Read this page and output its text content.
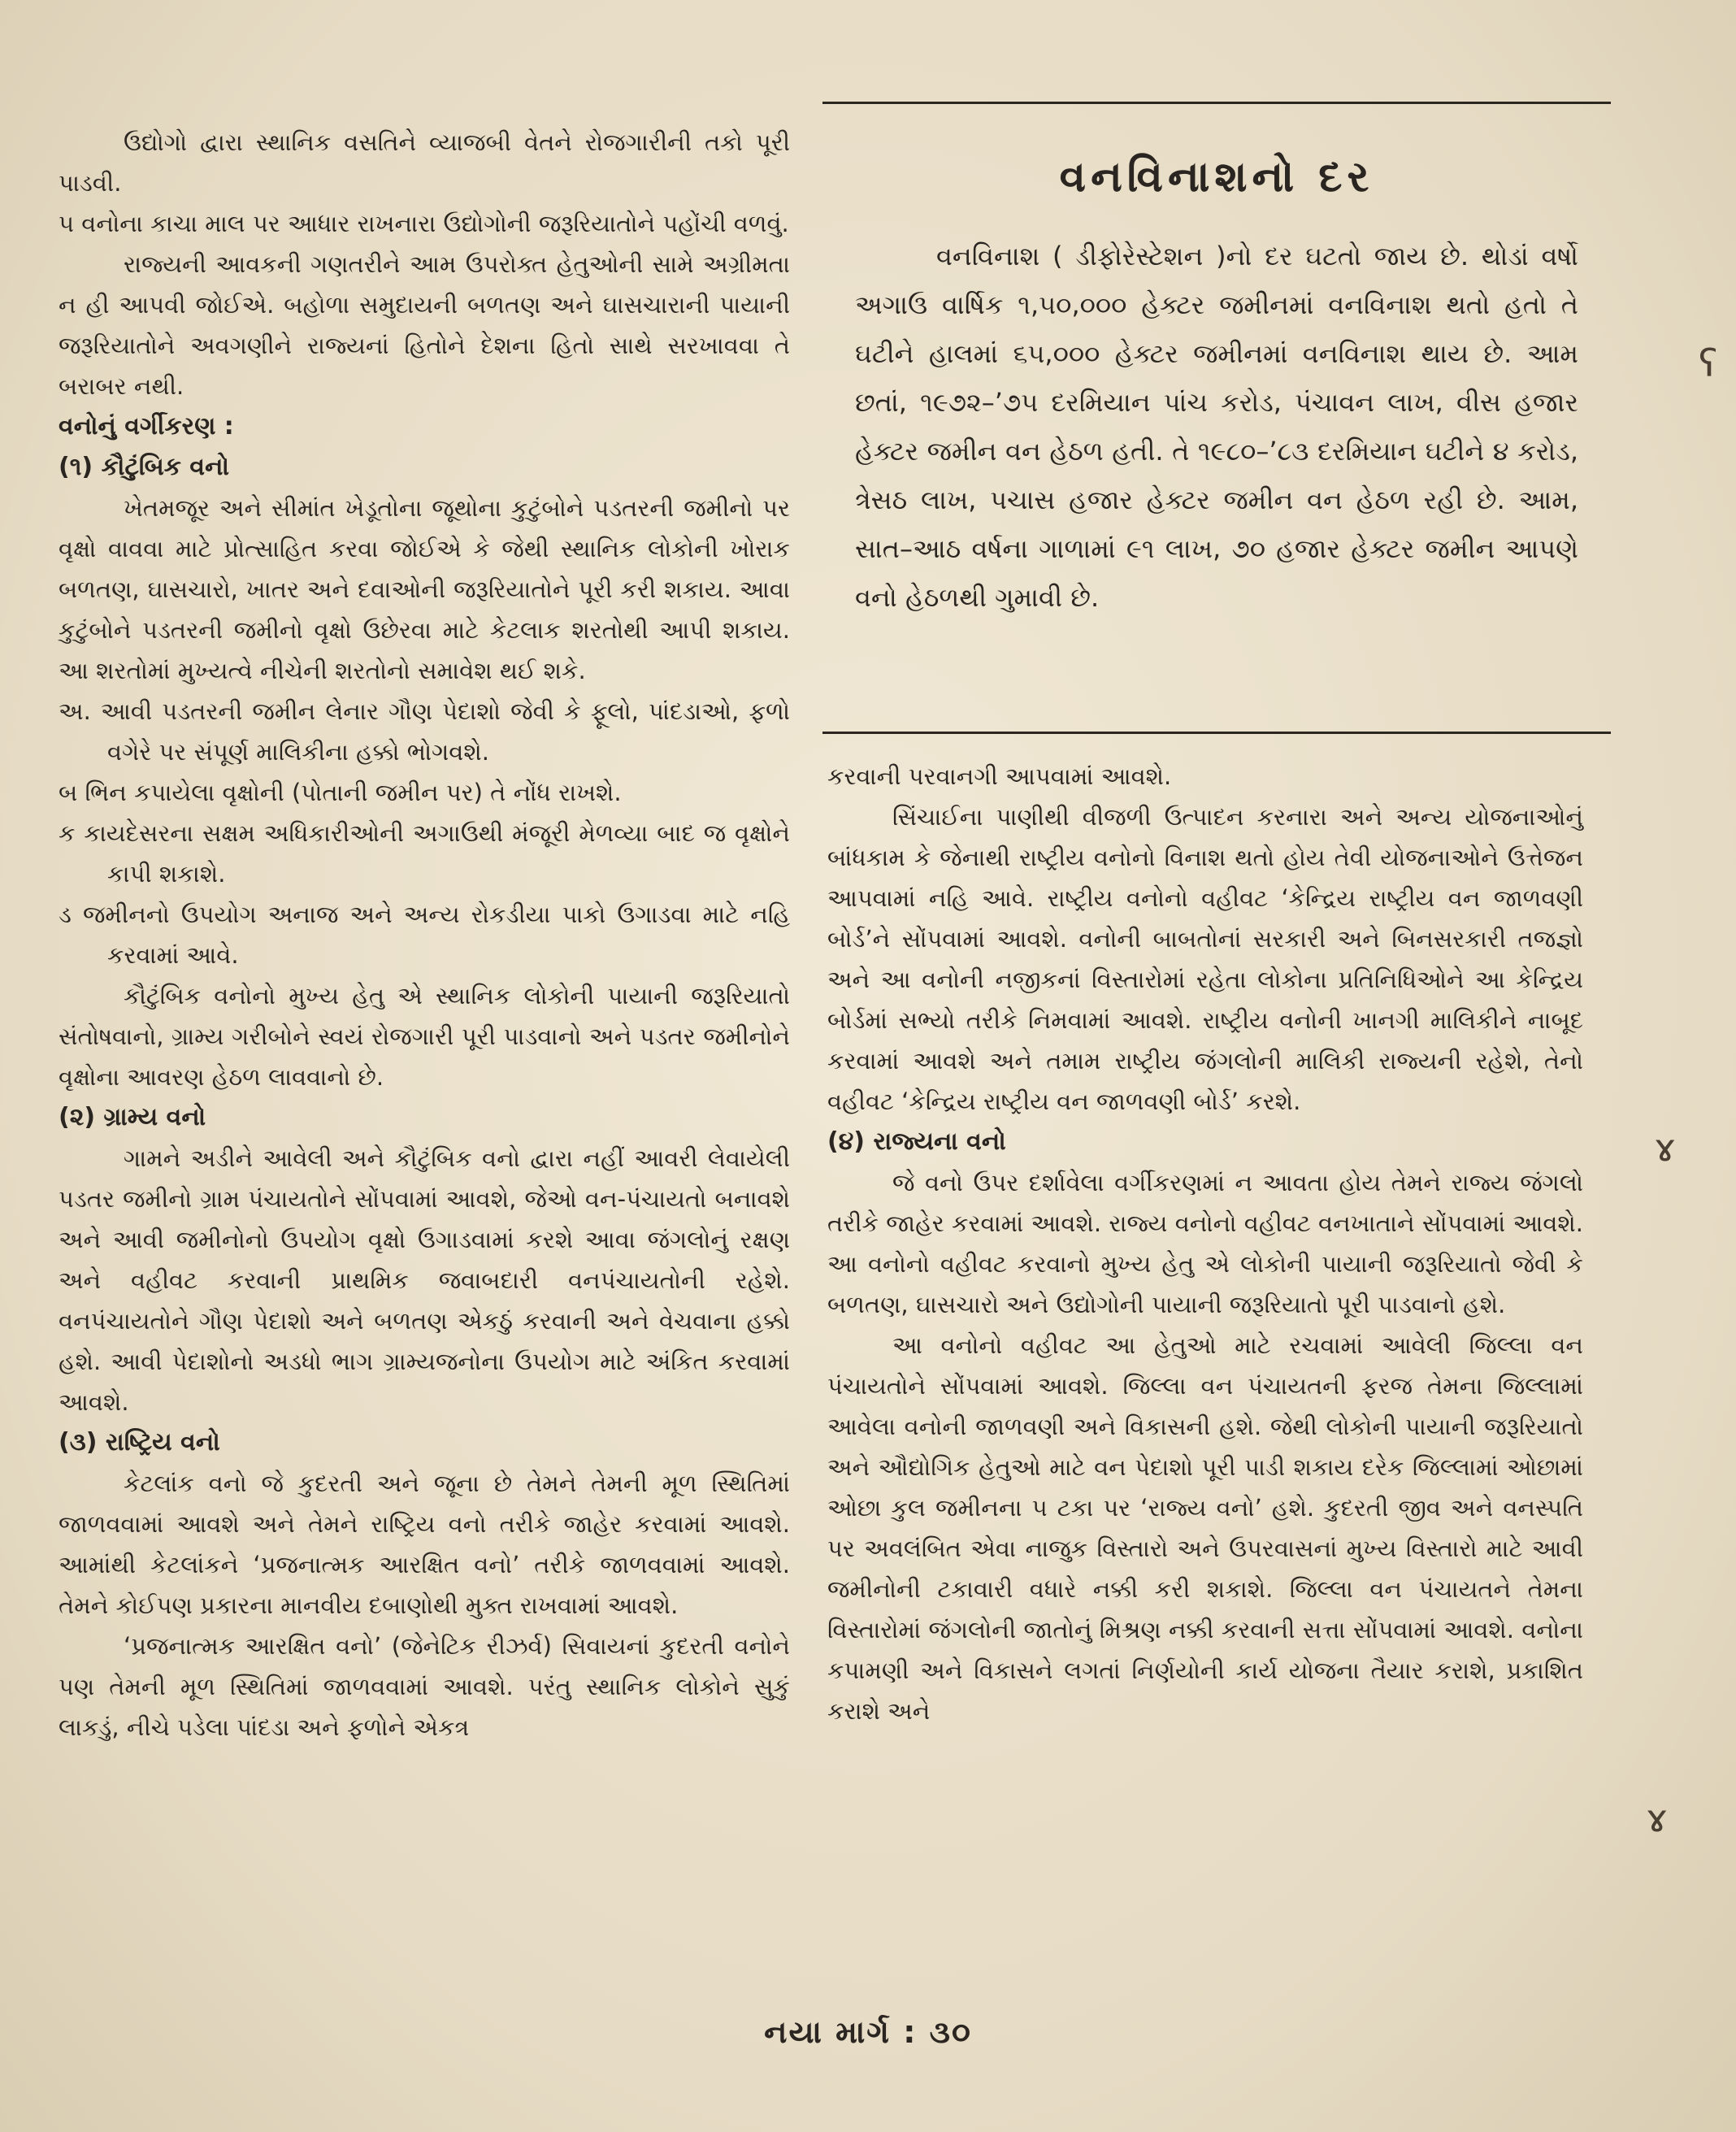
વનવિનાશનો દર

વનવિનાશ ( ડીફોરેસ્ટેશન )નો દર ઘટતો જાય છે. થોડાં વર્ષો અગાઉ વાર્ષિક ૧,૫૦,૦૦૦ હેક્ટર જમીનમાં વનવિનાશ થતો હતો તે ઘટીને હાલમાં ૬૫,૦૦૦ હેક્ટર જમીનમાં વનવિનાશ થાય છે. આમ છતાં, ૧૯૭૨–’૭૫ દરમિયાન પાંચ કરોડ, પંચાવન લાખ, વીસ હજાર હેક્ટર જમીન વન હેઠળ હતી. તે ૧૯૮૦–’૮૩ દરમિયાન ઘટીને ૪ કરોડ, ત્રેસઠ લાખ, પચાસ હજાર હેક્ટર જમીન વન હેઠળ રહી છે. આમ, સાત–આઠ વર્ષના ગાળામાં ૯૧ લાખ, ૭૦ હજાર હેક્ટર જમીન આપણે વનો હેઠળથી ગુમાવી છે.

ઉદ્યોગો દ્વારા સ્થાનિક વસતિને વ્યાજબી વેતને રોજગારીની તકો પૂરી પાડવી.

૫ વનોના કાચા માલ પર આધાર રાખનારા ઉદ્યોગોની જરૂરિયાતોને પહોંચી વળવું.

રાજ્યની આવકની ગણતરીને આમ ઉપરોક્ત હેતુઓની સામે અગ્રીમતા ન હી આપવી જોઈએ. બહોળા સમુદાયની બળતણ અને ઘાસચારાની પાયાની જરૂરિયાતોને અવગણીને રાજ્યનાં હિતોને દેશના હિતો સાથે સરખાવવા તે બરાબર નથી.

વનોનું વર્ગીકરણ :

(૧) કૌટુંબિક વનો

ખેતમજૂર અને સીમાંત ખેડૂતોના જૂથોના કુટુંબોને પડતરની જમીનો પર વૃક્ષો વાવવા માટે પ્રોત્સાહિત કરવા જોઈએ કે જેથી સ્થાનિક લોકોની ખોરાક બળતણ, ઘાસચારો, ખાતર અને દવાઓની જરૂરિયાતોને પૂરી કરી શકાય. આવા કુટુંબોને પડતરની જમીનો વૃક્ષો ઉછેરવા માટે કેટલાક શરતોથી આપી શકાય. આ શરતોમાં મુખ્યત્વે નીચેની શરતોનો સમાવેશ થઈ શકે.

અ. આવી પડતરની જમીન લેનાર ગૌણ પેદાશો જેવી કે ફૂલો, પાંદડાઓ, ફળો વગેરે પર સંપૂર્ણ માલિકીના હક્કો ભોગવશે.

બ ભિન કપાયેલા વૃક્ષોની (પોતાની જમીન પર) તે નોંધ રાખશે.

ક કાયદેસરના સક્ષમ અધિકારીઓની અગાઉથી મંજૂરી મેળવ્યા બાદ જ વૃક્ષોને કાપી શકાશે.

ડ જમીનનો ઉપયોગ અનાજ અને અન્ય રોકડીયા પાકો ઉગાડવા માટે નહિ કરવામાં આવે.

કૌટુંબિક વનોનો મુખ્ય હેતુ એ સ્થાનિક લોકોની પાયાની જરૂરિયાતો સંતોષવાનો, ગ્રામ્ય ગરીબોને સ્વયં રોજગારી પૂરી પાડવાનો અને પડતર જમીનોને વૃક્ષોના આવરણ હેઠળ લાવવાનો છે.

(૨) ગ્રામ્ય વનો

ગામને અડીને આવેલી અને કૌટુંબિક વનો દ્વારા નહીં આવરી લેવાયેલી પડતર જમીનો ગ્રામ પંચાયતોને સોંપવામાં આવશે, જેઓ વન-પંચાયતો બનાવશે અને આવી જમીનોનો ઉપયોગ વૃક્ષો ઉગાડવામાં કરશે આવા જંગલોનું રક્ષણ અને વહીવટ કરવાની પ્રાથમિક જવાબદારી વનપંચાયતોની રહેશે. વનપંચાયતોને ગૌણ પેદાશો અને બળતણ એકઠું કરવાની અને વેચવાના હક્કો હશે. આવી પેદાશોનો અડધો ભાગ ગ્રામ્યજનોના ઉપયોગ માટે અંકિત કરવામાં આવશે.

(૩) રાષ્ટ્રિય વનો

કેટલાંક વનો જે કુદરતી અને જૂના છે તેમને તેમની મૂળ સ્થિતિમાં જાળવવામાં આવશે અને તેમને રાષ્ટ્રિય વનો તરીકે જાહેર કરવામાં આવશે. આમાંથી કેટલાંકને ‘પ્રજનાત્મક આરક્ષિત વનો’ તરીકે જાળવવામાં આવશે. તેમને કોઈપણ પ્રકારના માનવીય દબાણોથી મુક્ત રાખવામાં આવશે.

‘પ્રજનાત્મક આરક્ષિત વનો’ (જેનેટિક રીઝર્વ) સિવાયનાં કુદરતી વનોને પણ તેમની મૂળ સ્થિતિમાં જાળવવામાં આવશે. પરંતુ સ્થાનિક લોકોને સુકું લાકડું, નીચે પડેલા પાંદડા અને ફળોને એકત્ર

કરવાની પરવાનગી આપવામાં આવશે.

સિંચાઈના પાણીથી વીજળી ઉત્પાદન કરનારા અને અન્ય યોજનાઓનું બાંધકામ કે જેનાથી રાષ્ટ્રીય વનોનો વિનાશ થતો હોય તેવી યોજનાઓને ઉત્તેજન આપવામાં નહિ આવે. રાષ્ટ્રીય વનોનો વહીવટ ‘કેન્દ્રિય રાષ્ટ્રીય વન જાળવણી બોર્ડ’ને સોંપવામાં આવશે. વનોની બાબતોનાં સરકારી અને બિનસરકારી તજજ્ઞો અને આ વનોની નજીકનાં વિસ્તારોમાં રહેતા લોકોના પ્રતિનિધિઓને આ કેન્દ્રિય બોર્ડમાં સભ્યો તરીકે નિમવામાં આવશે. રાષ્ટ્રીય વનોની ખાનગી માલિકીને નાબૂદ કરવામાં આવશે અને તમામ રાષ્ટ્રીય જંગલોની માલિકી રાજ્યની રહેશે, તેનો વહીવટ ‘કેન્દ્રિય રાષ્ટ્રીય વન જાળવણી બોર્ડ’ કરશે.

(૪) રાજ્યના વનો

જે વનો ઉપર દર્શાવેલા વર્ગીકરણમાં ન આવતા હોય તેમને રાજ્ય જંગલો તરીકે જાહેર કરવામાં આવશે. રાજ્ય વનોનો વહીવટ વનખાતાને સોંપવામાં આવશે. આ વનોનો વહીવટ કરવાનો મુખ્ય હેતુ એ લોકોની પાયાની જરૂરિયાતો જેવી કે બળતણ, ઘાસચારો અને ઉદ્યોગોની પાયાની જરૂરિયાતો પૂરી પાડવાનો હશે.

આ વનોનો વહીવટ આ હેતુઓ માટે રચવામાં આવેલી જિલ્લા વન પંચાયતોને સોંપવામાં આવશે. જિલ્લા વન પંચાયતની ફરજ તેમના જિલ્લામાં આવેલા વનોની જાળવણી અને વિકાસની હશે. જેથી લોકોની પાયાની જરૂરિયાતો અને ઔદ્યોગિક હેતુઓ માટે વન પેદાશો પૂરી પાડી શકાય દરેક જિલ્લામાં ઓછામાં ઓછા કુલ જમીનના ૫ ટકા પર ‘રાજ્ય વનો’ હશે. કુદરતી જીવ અને વનસ્પતિ પર અવલંબિત એવા નાજુક વિસ્તારો અને ઉપરવાસનાં મુખ્ય વિસ્તારો માટે આવી જમીનોની ટકાવારી વધારે નક્કી કરી શકાશે. જિલ્લા વન પંચાયતને તેમના વિસ્તારોમાં જંગલોની જાતોનું મિશ્રણ નક્કી કરવાની સત્તા સોંપવામાં આવશે. વનોના કપામણી અને વિકાસને લગતાં નિર્ણયોની કાર્ય યોજના તૈયાર કરાશે, પ્રકાશિત કરાશે અને

નયા માર્ગ : ૩૦
ʕ
ɤ
ɤ
